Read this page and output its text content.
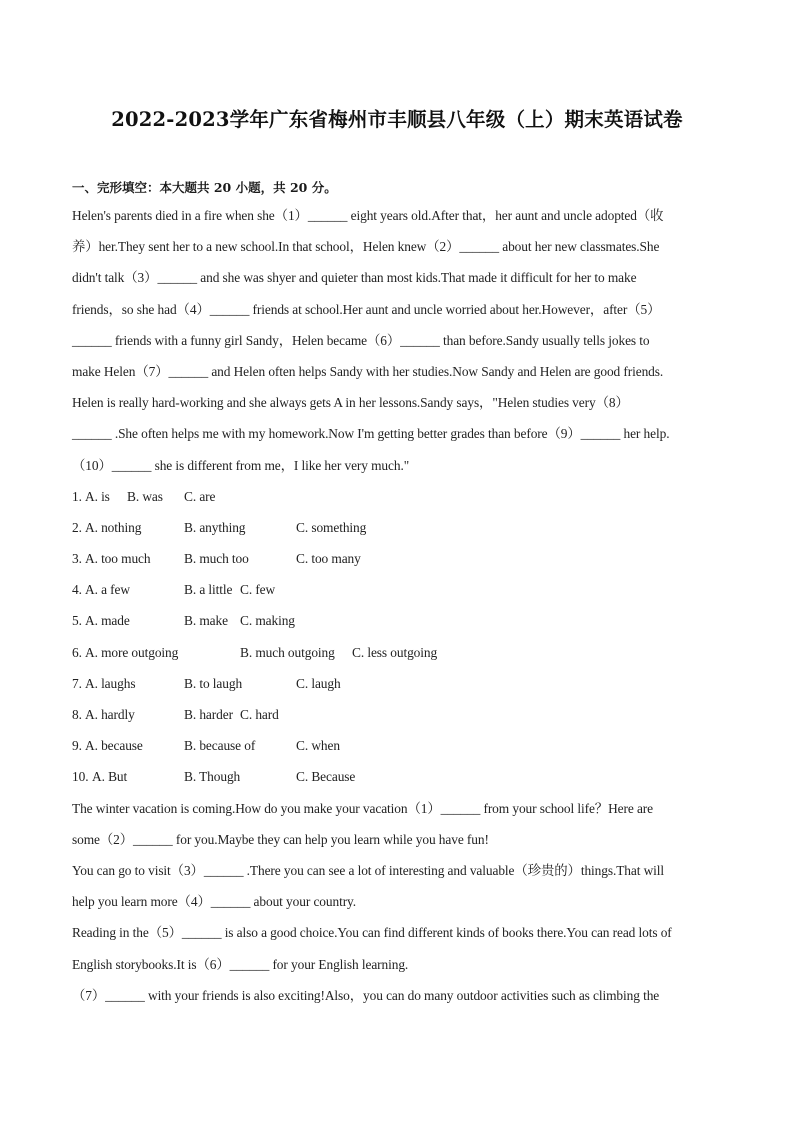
2022-2023学年广东省梅州市丰顺县八年级（上）期末英语试卷
一、完形填空：本大题共 20 小题，共 20 分。
Helen's parents died in a fire when she（1）______ eight years old.After that，her aunt and uncle adopted（收
养）her.They sent her to a new school.In that school，Helen knew（2）______ about her new classmates.She
didn't talk（3）______ and she was shyer and quieter than most kids.That made it difficult for her to make
friends，so she had（4）______ friends at school.Her aunt and uncle worried about her.However，after（5）
______ friends with a funny girl Sandy，Helen became（6）______ than before.Sandy usually tells jokes to
make Helen（7）______ and Helen often helps Sandy with her studies.Now Sandy and Helen are good friends.
Helen is really hard-working and she always gets A in her lessons.Sandy says，"Helen studies very（8）
______ .She often helps me with my homework.Now I'm getting better grades than before（9）______ her help.
（10）______ she is different from me，I like her very much."
1. A. is B. was C. are
2. A. nothing	B. anything	C. something
3. A. too much	B. much too	C. too many
4. A. a few	B. a little C. few
5. A. made	B. make C. making
6. A. more outgoing	B. much outgoing C. less outgoing
7. A. laughs	B. to laugh	C. laugh
8. A. hardly	B. harder C. hard
9. A. because	B. because of	C. when
10. A. But	B. Though	C. Because
The winter vacation is coming.How do you make your vacation（1）______ from your school life？Here are
some（2）______ for you.Maybe they can help you learn while you have fun!
You can go to visit（3）______ .There you can see a lot of interesting and valuable（珍贵的）things.That will
help you learn more（4）______ about your country.
Reading in the（5）______ is also a good choice.You can find different kinds of books there.You can read lots of
English storybooks.It is（6）______ for your English learning.
（7）______ with your friends is also exciting!Also，you can do many outdoor activities such as climbing the
